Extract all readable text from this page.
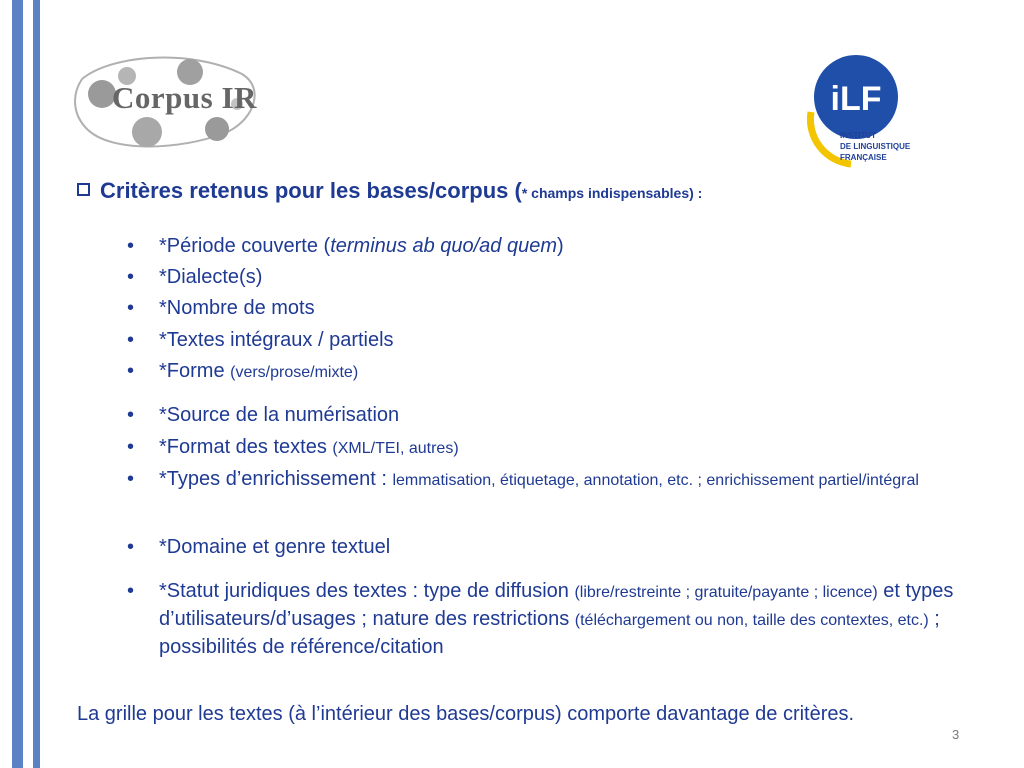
Corpus IR	iLF
INSTITUT
DE LINGUISTIQUE
FRANÇAISE
Critères retenus pour les bases/corpus (* champs indispensables) :
• *Période couverte (terminus ab quo/ad quem)
• *Dialecte(s)
• *Nombre de mots
• *Textes intégraux / partiels
• *Forme (vers/prose/mixte)
• *Source de la numérisation
• *Format des textes (XML/TEI, autres)
• *Types d’enrichissement : lemmatisation, étiquetage, annotation, etc. ; enrichissement partiel/intégral
• *Domaine et genre textuel
• *Statut juridiques des textes : type de diffusion (libre/restreinte ; gratuite/payante ; licence) et types d’utilisateurs/d’usages ; nature des restrictions (téléchargement ou non, taille des contextes, etc.) ; possibilités de référence/citation
La grille pour les textes (à l’intérieur des bases/corpus) comporte davantage de critères.
3
